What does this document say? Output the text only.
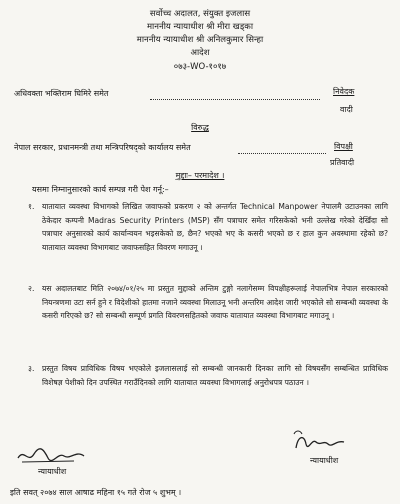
सर्वोच्च अदालत, संयुक्त इजलास
माननीय न्यायाधीश श्री मीरा खड्का
माननीय न्यायाधीश श्री अनिलकुमार सिन्हा
आदेश
०७३-WO-१०१७
अधिवक्ता भक्तिराम घिमिरे समेत	निवेदक
वादी
विरुद्ध
नेपाल सरकार, प्रधानमन्त्री तथा मन्त्रिपरिषद्को कार्यालय समेत	विपक्षी
प्रतिवादी
मुद्दाः– परमादेश ।
यसमा निम्नानुसारको कार्य सम्पन्न गरी पेश गर्नू:–
१. यातायात व्यवस्था विभागको लिखित जवाफको प्रकरण २ को अन्तर्गत Technical Manpower नेपालमै उटाउनका लागि ठेकेदार कम्पनी Madras Security Printers (MSP) सँग पत्राचार समेत गरिसकेको भनी उल्लेख गरेको देखिँदा सो पत्राचार अनुसारको कार्य कार्यान्वयन भइसकेको छ, छैन? भएको भए के कसरी भएको छ र हाल कुन अवस्थामा रहेको छ? यातायात व्यवस्था विभागबाट जवाफसहित विवरण मगाउनू ।
२. यस अदालतबाट मिति २०७४/०१/२५ मा प्रस्तुत मुद्दाको अन्तिम टुङ्गो नलागेसम्म विपक्षीहरूलाई नेपालभित्र नेपाल सरकारको नियन्त्रणमा उटा सर्न हुने र विदेशीको हातमा नजाने व्यवस्था मिलाउनू भनी अन्तरिम आदेश जारी भएकोले सो सम्बन्धी व्यवस्था के कसरी गरिएको छ? सो सम्बन्धी सम्पूर्ण प्रगति विवरणसहितको जवाफ यातायात व्यवस्था विभागबाट मगाउनू ।
३. प्रस्तुत विषय प्राविधिक विषय भएकोले इजलासलाई सो सम्बन्धी जानकारी दिनका लागि सो विषयसँग सम्बन्धित प्राविधिक विशेषज्ञ पेशीको दिन उपस्थित गराउँदिनको लागि यातायात व्यवस्था विभागलाई अनुरोधपत्र पठाउन ।
न्यायाधीश
न्यायाधीश
इति सवत् २०७४ साल आषाढ महिना १५ गते रोज ५ शुभम् ।
